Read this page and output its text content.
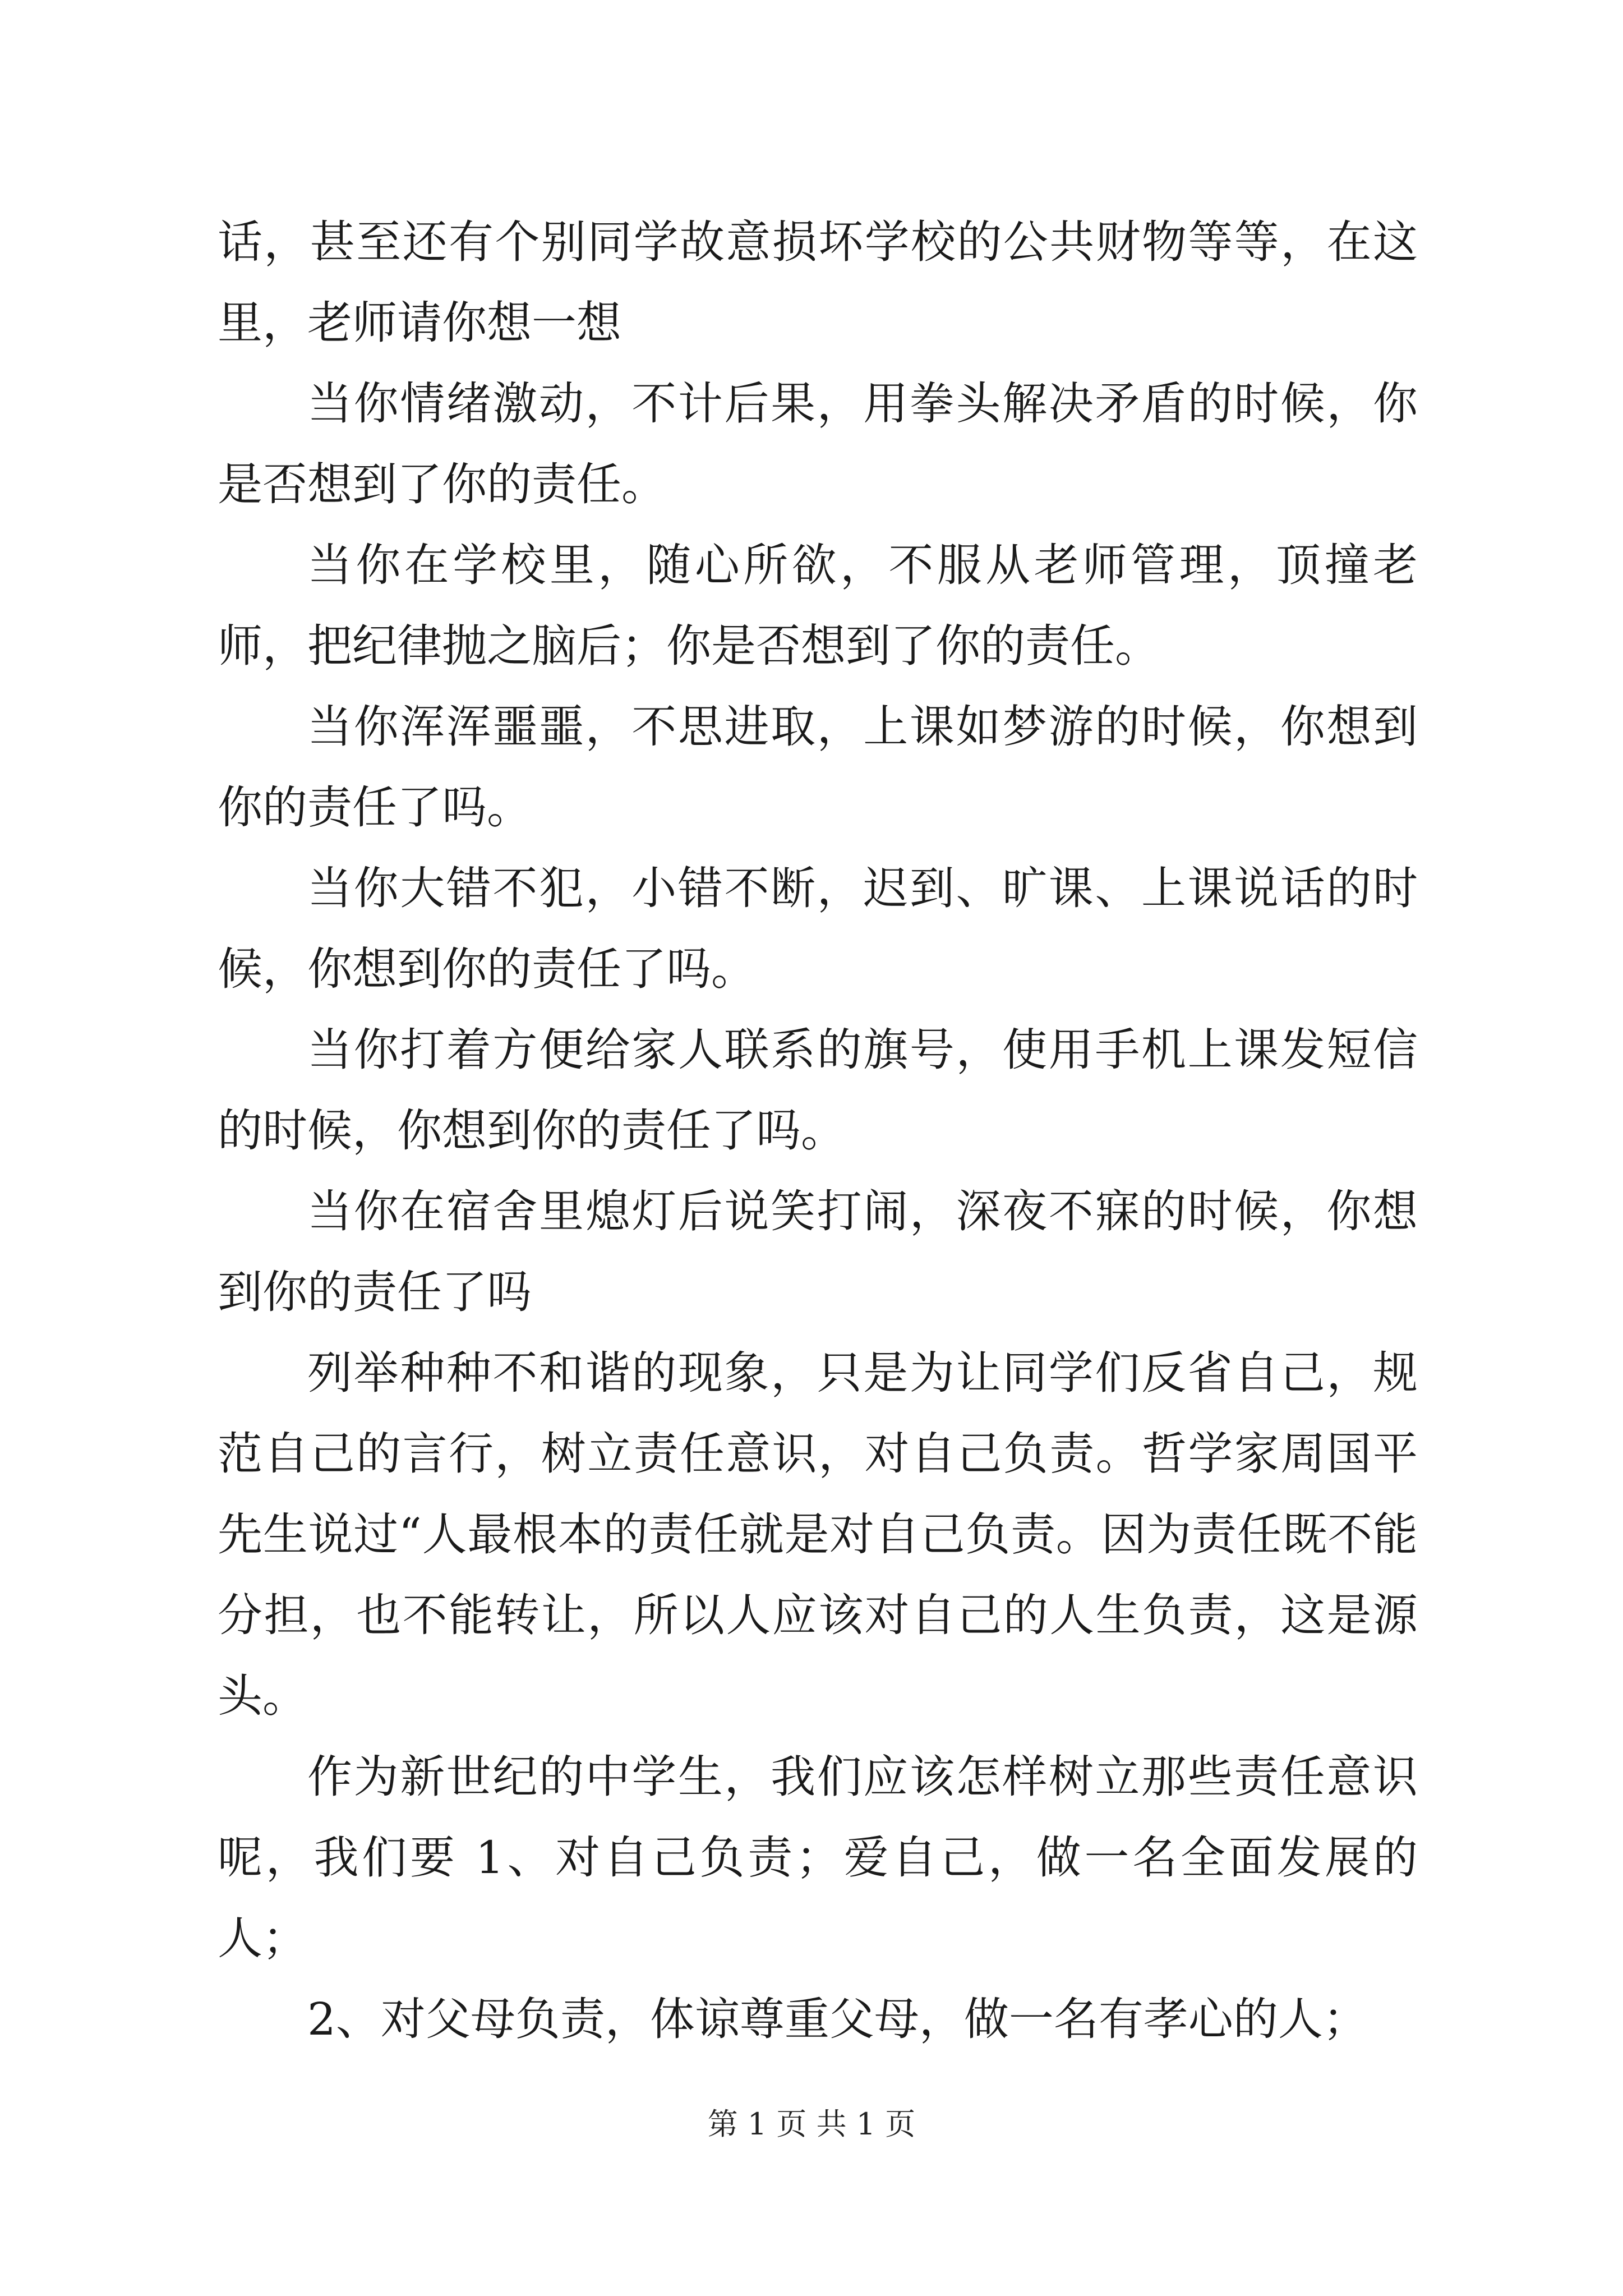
话，甚至还有个别同学故意损坏学校的公共财物等等，在这里，老师请你想一想

当你情绪激动，不计后果，用拳头解决矛盾的时候，你是否想到了你的责任。

当你在学校里，随心所欲，不服从老师管理，顶撞老师，把纪律抛之脑后；你是否想到了你的责任。

当你浑浑噩噩，不思进取，上课如梦游的时候，你想到你的责任了吗。

当你大错不犯，小错不断，迟到、旷课、上课说话的时候，你想到你的责任了吗。

当你打着方便给家人联系的旗号，使用手机上课发短信的时候，你想到你的责任了吗。

当你在宿舍里熄灯后说笑打闹，深夜不寐的时候，你想到你的责任了吗

列举种种不和谐的现象，只是为让同学们反省自己，规范自己的言行，树立责任意识，对自己负责。哲学家周国平先生说过“人最根本的责任就是对自己负责。因为责任既不能分担，也不能转让，所以人应该对自己的人生负责，这是源头。

作为新世纪的中学生，我们应该怎样树立那些责任意识呢，我们要 1、对自己负责；爱自己，做一名全面发展的人；

2、对父母负责，体谅尊重父母，做一名有孝心的人；

第 1 页 共 1 页
